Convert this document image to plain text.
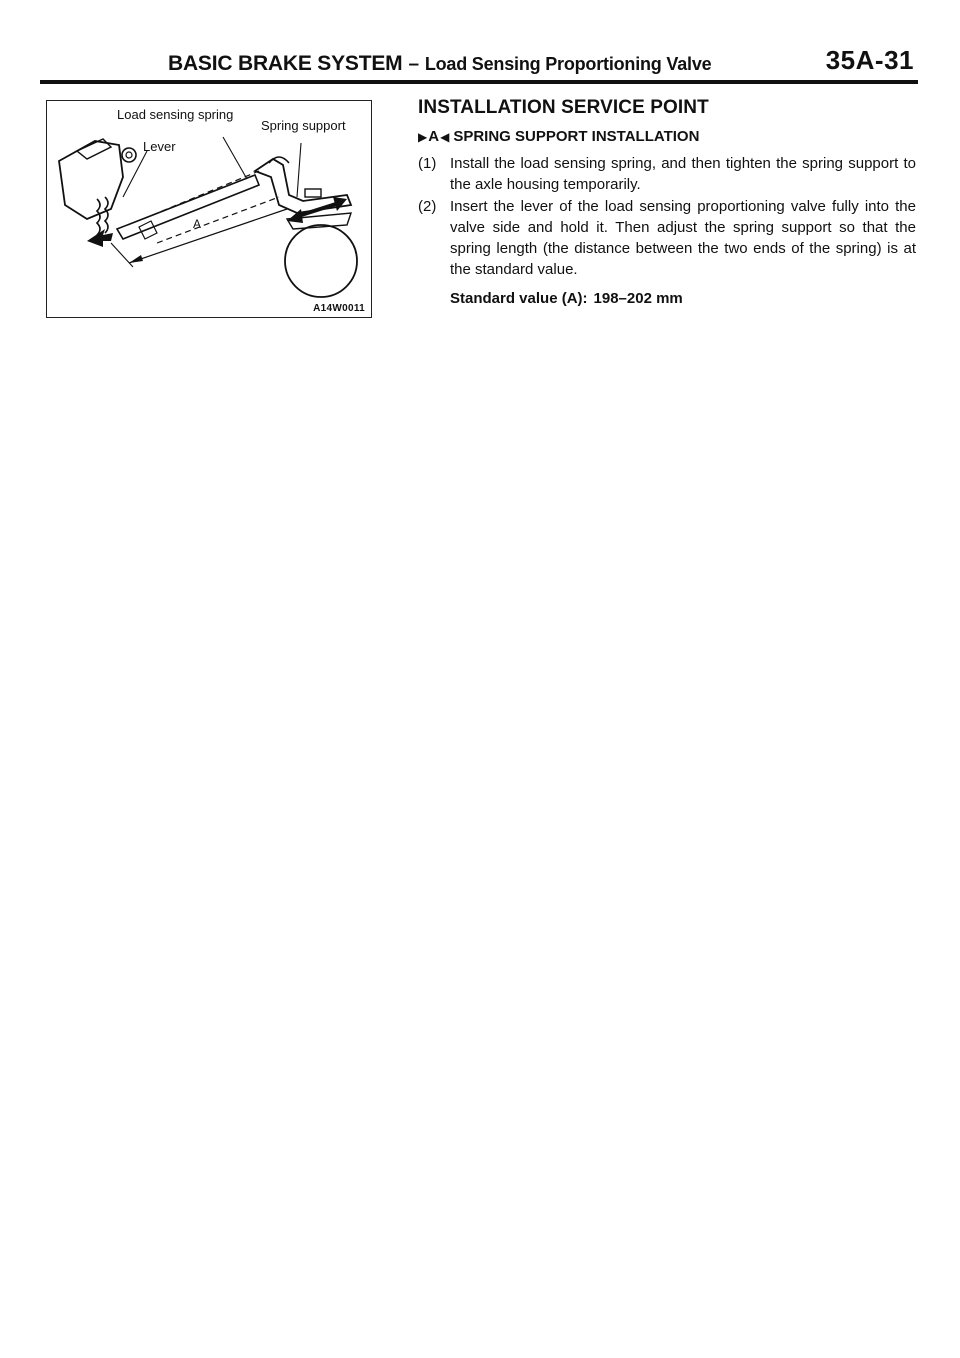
BASIC BRAKE SYSTEM – Load Sensing Proportioning Valve	35A-31
Load sensing spring
Spring support
Lever
A
A14W0011
INSTALLATION SERVICE POINT
▶ A ◀ SPRING SUPPORT INSTALLATION
(1) Install the load sensing spring, and then tighten the spring support to the axle housing temporarily.
(2) Insert the lever of the load sensing proportioning valve fully into the valve side and hold it. Then adjust the spring support so that the spring length (the distance between the two ends of the spring) is at the standard value.
Standard value (A): 198–202 mm
